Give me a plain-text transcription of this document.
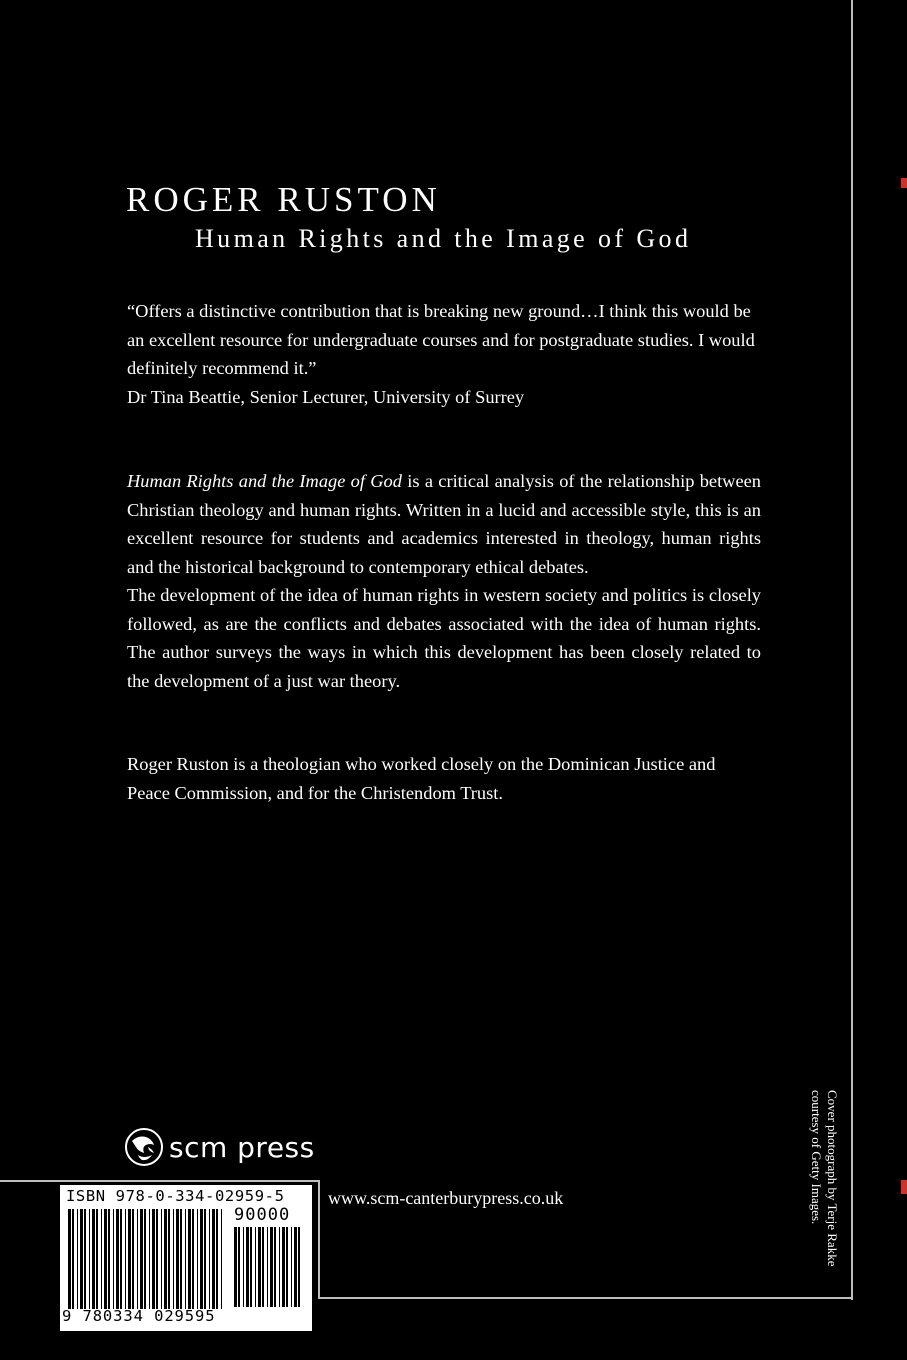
ROGER RUSTON
Human Rights and the Image of God

“Offers a distinctive contribution that is breaking new ground…I think this would be an excellent resource for undergraduate courses and for postgraduate studies. I would definitely recommend it.”

Dr Tina Beattie, Senior Lecturer, University of Surrey

Human Rights and the Image of God is a critical analysis of the relationship between Christian theology and human rights. Written in a lucid and accessible style, this is an excellent resource for students and academics interested in theology, human rights and the historical background to contemporary ethical debates.

The development of the idea of human rights in western society and politics is closely followed, as are the conflicts and debates associated with the idea of human rights. The author surveys the ways in which this development has been closely related to the development of a just war theory.

Roger Ruston is a theologian who worked closely on the Dominican Justice and Peace Commission, and for the Christendom Trust.

scm press
www.scm-canterburypress.co.uk	Cover photograph by Terje Rakke
courtesy of Getty Images.
ISBN 978-0-334-02959-5
90000
9 780334 029595
